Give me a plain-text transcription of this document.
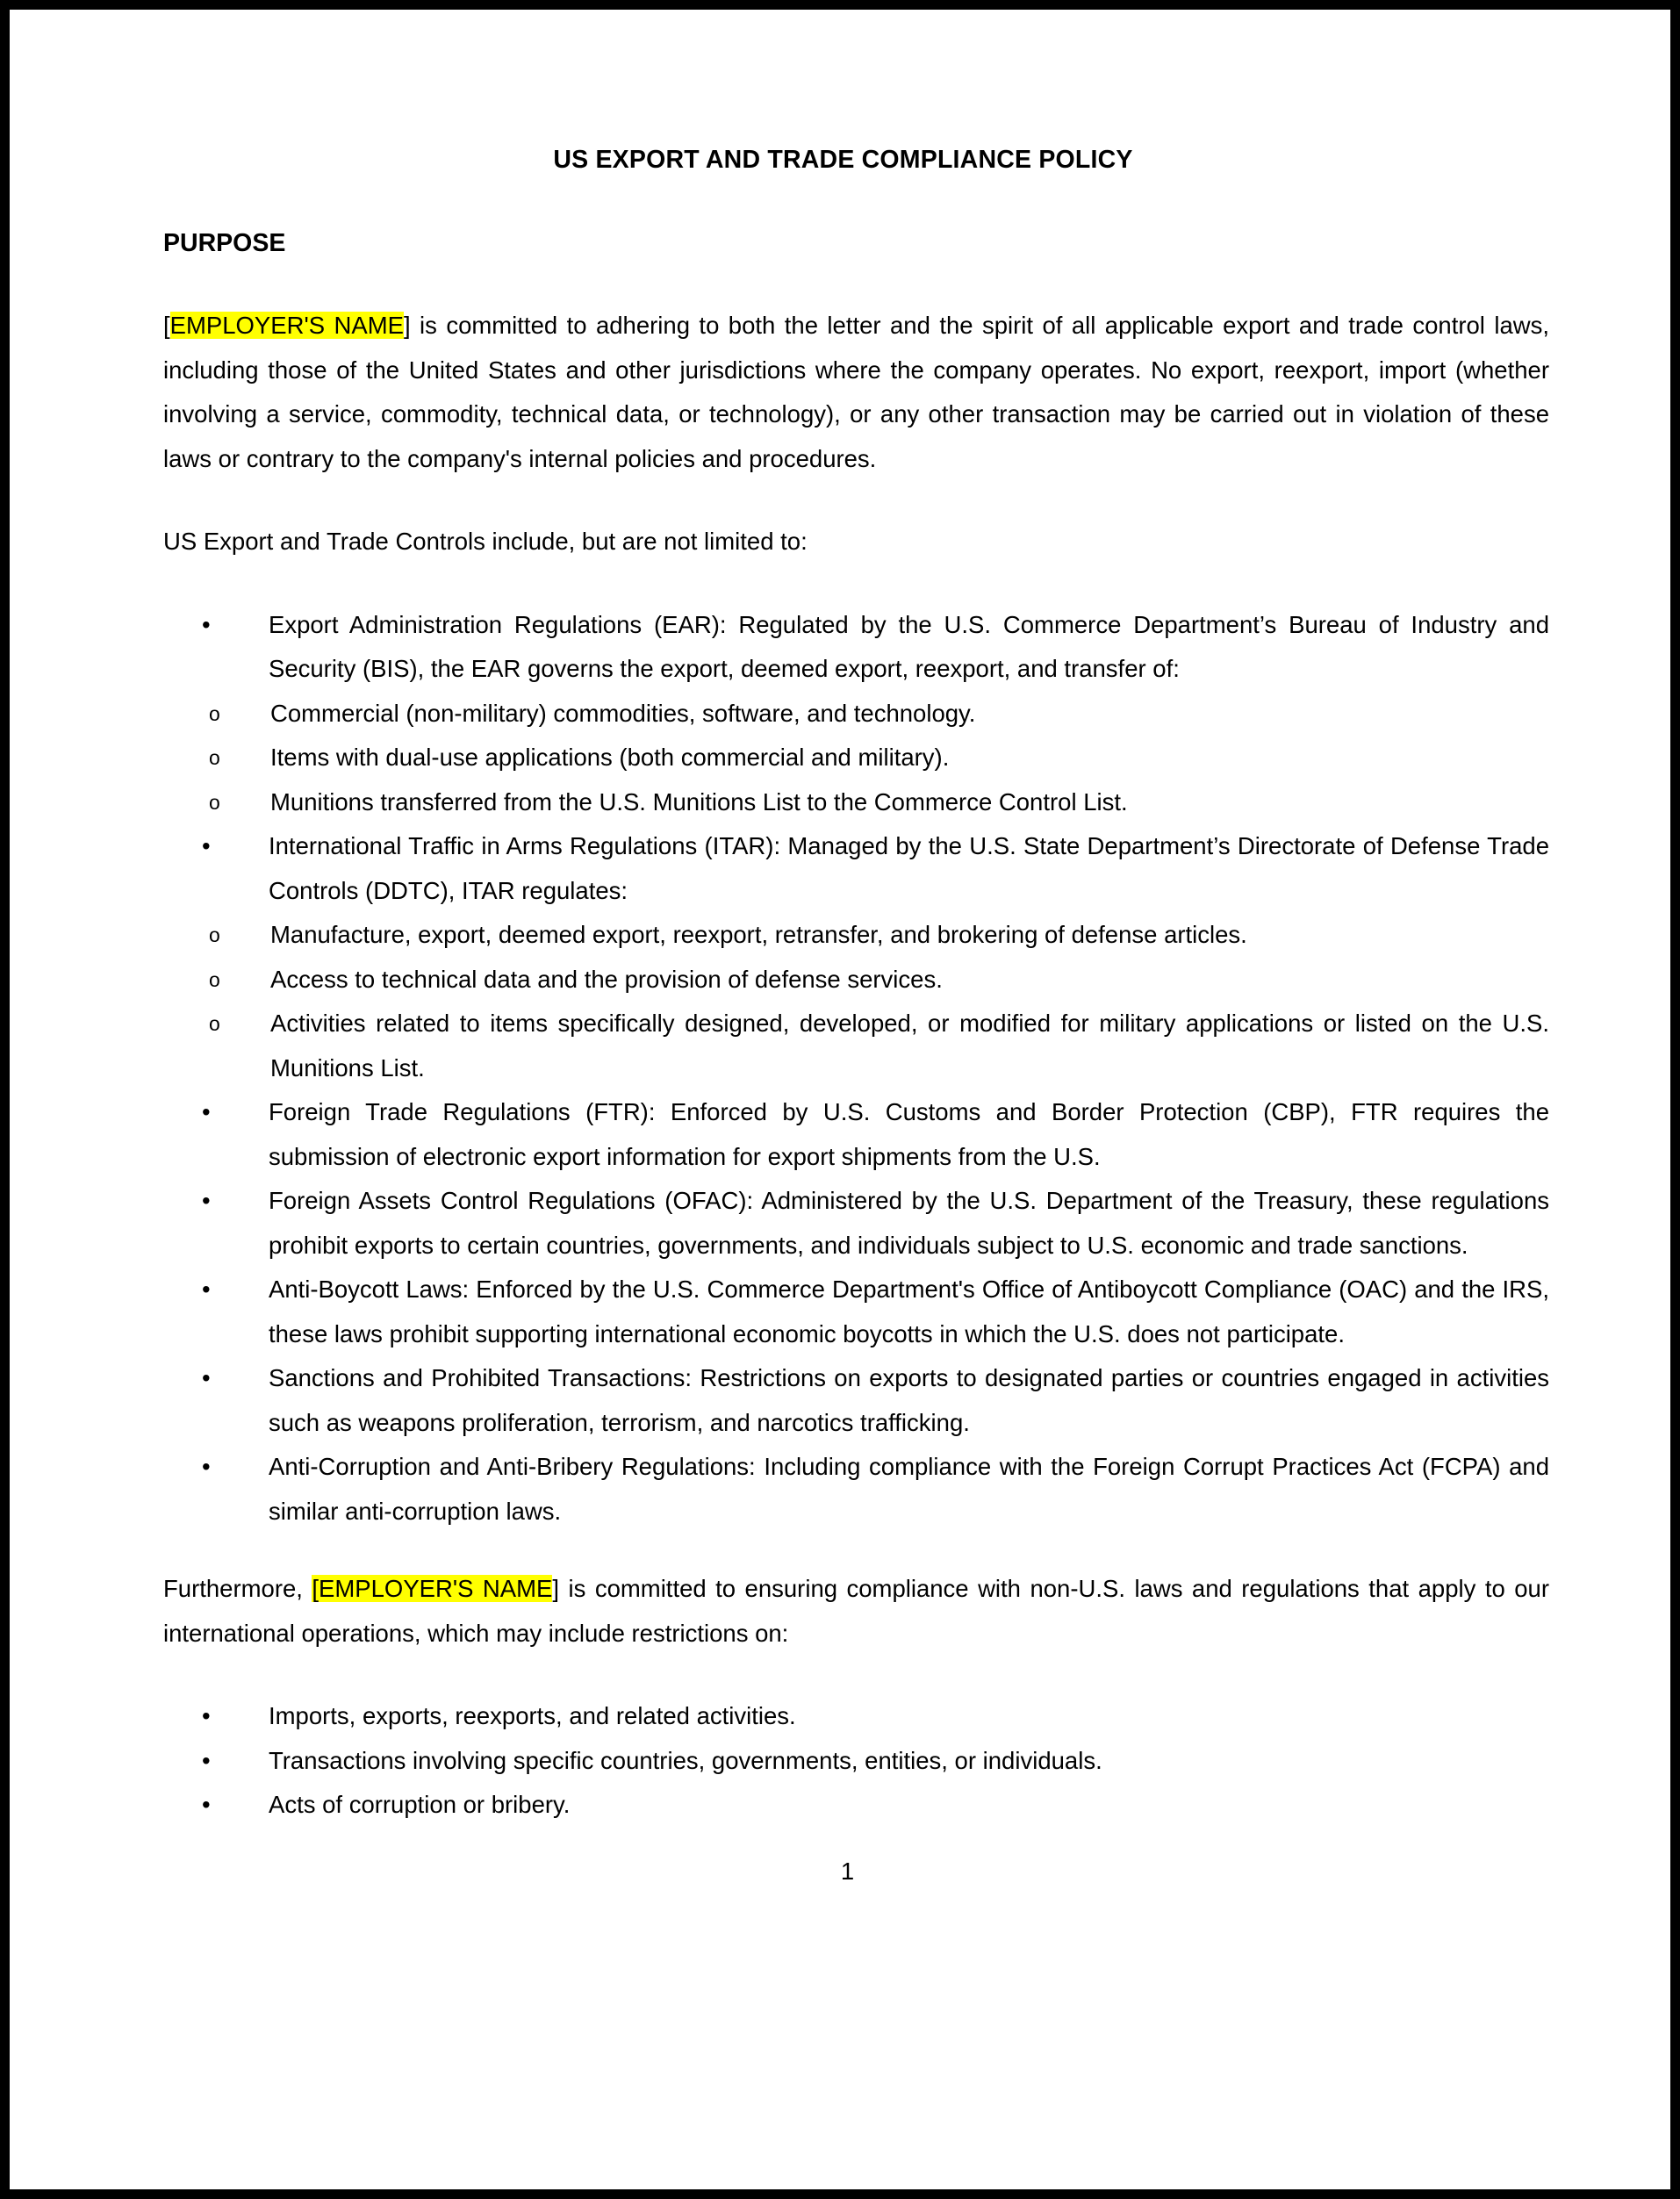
US EXPORT AND TRADE COMPLIANCE POLICY
PURPOSE

[EMPLOYER'S NAME] is committed to adhering to both the letter and the spirit of all applicable export and trade control laws, including those of the United States and other jurisdictions where the company operates. No export, reexport, import (whether involving a service, commodity, technical data, or technology), or any other transaction may be carried out in violation of these laws or contrary to the company's internal policies and procedures.

US Export and Trade Controls include, but are not limited to:

• Export Administration Regulations (EAR): Regulated by the U.S. Commerce Department’s Bureau of Industry and Security (BIS), the EAR governs the export, deemed export, reexport, and transfer of:
o Commercial (non-military) commodities, software, and technology.
o Items with dual-use applications (both commercial and military).
o Munitions transferred from the U.S. Munitions List to the Commerce Control List.
• International Traffic in Arms Regulations (ITAR): Managed by the U.S. State Department’s Directorate of Defense Trade Controls (DDTC), ITAR regulates:
o Manufacture, export, deemed export, reexport, retransfer, and brokering of defense articles.
o Access to technical data and the provision of defense services.
o Activities related to items specifically designed, developed, or modified for military applications or listed on the U.S. Munitions List.
• Foreign Trade Regulations (FTR): Enforced by U.S. Customs and Border Protection (CBP), FTR requires the submission of electronic export information for export shipments from the U.S.
• Foreign Assets Control Regulations (OFAC): Administered by the U.S. Department of the Treasury, these regulations prohibit exports to certain countries, governments, and individuals subject to U.S. economic and trade sanctions.
• Anti-Boycott Laws: Enforced by the U.S. Commerce Department's Office of Antiboycott Compliance (OAC) and the IRS, these laws prohibit supporting international economic boycotts in which the U.S. does not participate.
• Sanctions and Prohibited Transactions: Restrictions on exports to designated parties or countries engaged in activities such as weapons proliferation, terrorism, and narcotics trafficking.
• Anti-Corruption and Anti-Bribery Regulations: Including compliance with the Foreign Corrupt Practices Act (FCPA) and similar anti-corruption laws.

Furthermore, [EMPLOYER'S NAME] is committed to ensuring compliance with non-U.S. laws and regulations that apply to our international operations, which may include restrictions on:

• Imports, exports, reexports, and related activities.
• Transactions involving specific countries, governments, entities, or individuals.
• Acts of corruption or bribery.
1
